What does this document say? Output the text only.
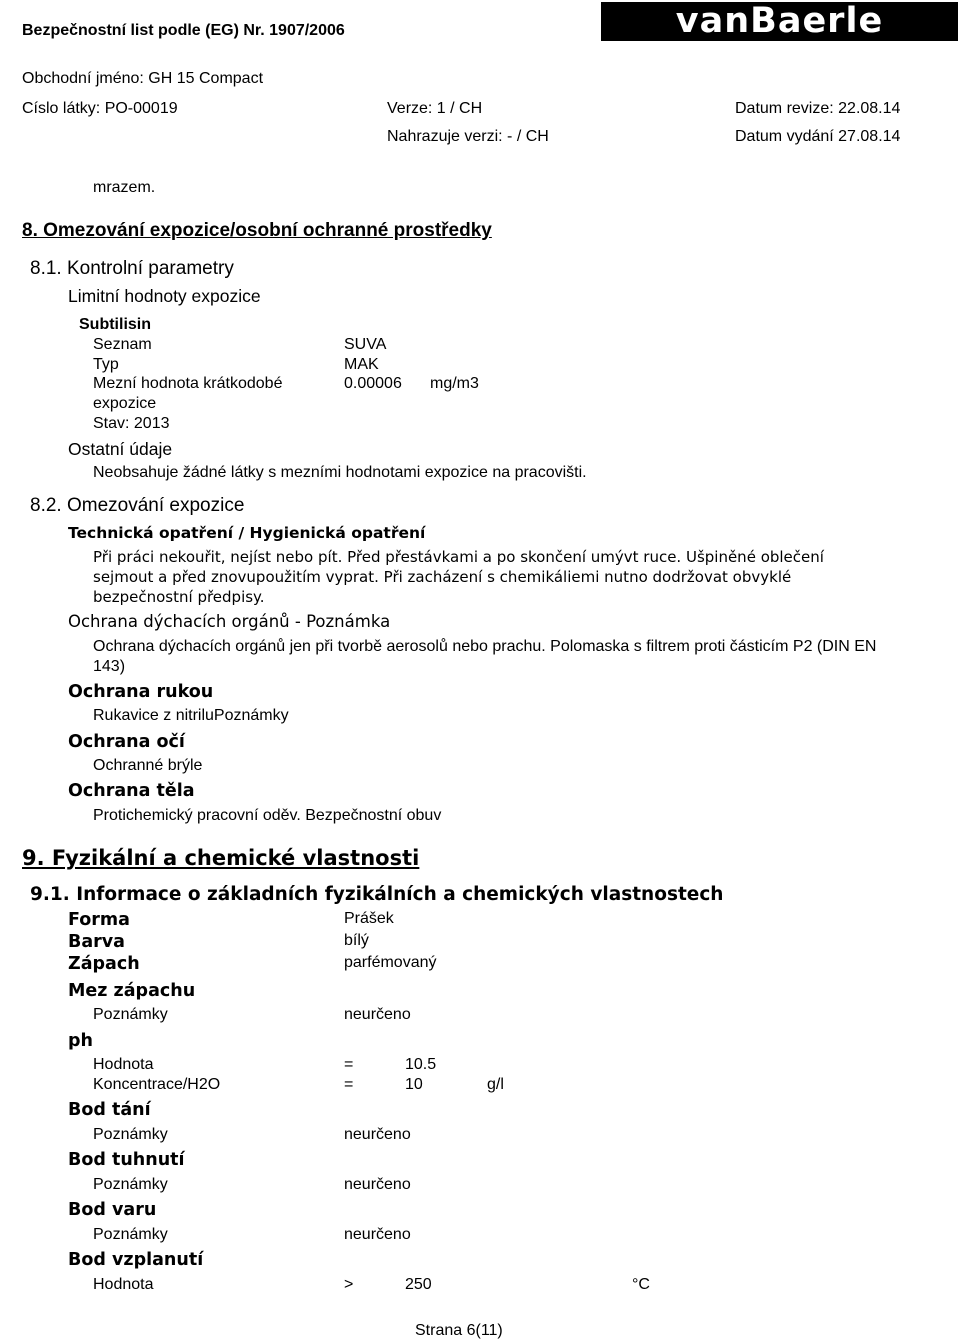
Bezpečnostní list podle (EG) Nr. 1907/2006	vanBaerle
Obchodní jméno: GH 15 Compact
Císlo látky: PO-00019	Verze: 1 / CH	Datum revize: 22.08.14
Nahrazuje verzi: - / CH	Datum vydání 27.08.14
mrazem.
8. Omezování expozice/osobní ochranné prostředky
8.1. Kontrolní parametry
Limitní hodnoty expozice
Subtilisin
Seznam	SUVA
Typ	MAK
Mezní hodnota krátkodobé	0.00006 mg/m3
expozice
Stav: 2013
Ostatní údaje
Neobsahuje žádné látky s mezními hodnotami expozice na pracovišti.
8.2. Omezování expozice
Technická opatření / Hygienická opatření
Při práci nekouřit, nejíst nebo pít. Před přestávkami a po skončení umývt ruce. Ušpiněné oblečení sejmout a před znovupoužitím vyprat. Při zacházení s chemikáliemi nutno dodržovat obvyklé bezpečnostní předpisy.
Ochrana dýchacích orgánů - Poznámka
Ochrana dýchacích orgánů jen při tvorbě aerosolů nebo prachu. Polomaska s filtrem proti částicím P2 (DIN EN 143)
Ochrana rukou
Rukavice z nitriluPoznámky
Ochrana očí
Ochranné brýle
Ochrana těla
Protichemický pracovní oděv. Bezpečnostní obuv
9. Fyzikální a chemické vlastnosti
9.1. Informace o základních fyzikálních a chemických vlastnostech
Forma	Prášek
Barva	bílý
Zápach	parfémovaný
Mez zápachu
Poznámky	neurčeno
ph
Hodnota	=	10.5
Koncentrace/H2O	=	10	g/l
Bod tání
Poznámky	neurčeno
Bod tuhnutí
Poznámky	neurčeno
Bod varu
Poznámky	neurčeno
Bod vzplanutí
Hodnota	>	250	°C
Strana 6(11)
